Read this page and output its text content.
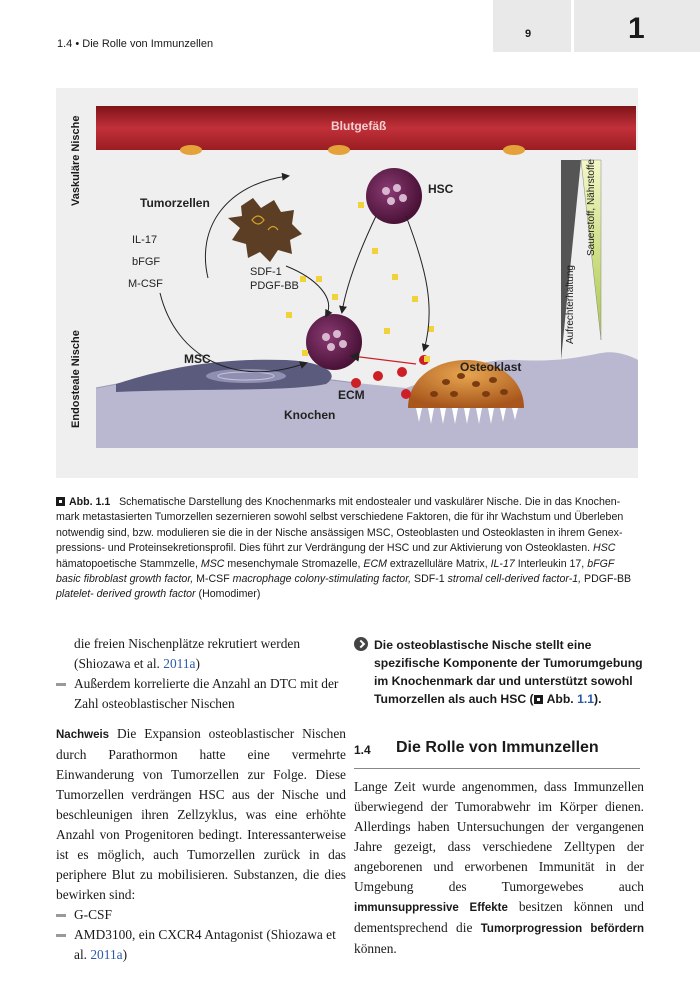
1.4 • Die Rolle von Immunzellen
9	1
Blutgefäß
Vaskuläre Nische
Endosteale Nische
Tumorzellen
HSC
IL-17
bFGF
M-CSF
SDF-1
PDGF-BB
MSC
Osteoklast
ECM
Knochen
Aufrechterhaltung
Sauerstoff, Nährstoffe
Abb. 1.1 Schematische Darstellung des Knochenmarks mit endostealer und vaskulärer Nische. Die in das Knochen- mark metastasierten Tumorzellen sezernieren sowohl selbst verschiedene Faktoren, die für ihr Wachstum und Überleben notwendig sind, bzw. modulieren sie die in der Nische ansässigen MSC, Osteoblasten und Osteoklasten in ihrem Genex- pressions- und Proteinsekretionsprofil. Dies führt zur Verdrängung der HSC und zur Aktivierung von Osteoklasten. HSC hämatopoetische Stammzelle, MSC mesenchymale Stromazelle, ECM extrazelluläre Matrix, IL-17 Interleukin 17, bFGF basic fibroblast growth factor, M-CSF macrophage colony-stimulating factor, SDF-1 stromal cell-derived factor-1, PDGF-BB platelet- derived growth factor (Homodimer)
die freien Nischenplätze rekrutiert werden
(Shiozawa et al. 2011a)
Außerdem korrelierte die Anzahl an DTC mit der Zahl osteoblastischer Nischen
Nachweis Die Expansion osteoblastischer Nischen durch Parathormon hatte eine vermehrte Einwanderung von Tumorzellen zur Folge. Diese Tumorzellen verdrängen HSC aus der Nische und beschleunigen ihren Zellzyklus, was eine erhöhte Anzahl von Progenitoren bedingt. Interessanterweise ist es möglich, auch Tumorzellen zurück in das periphere Blut zu mobilisieren. Substanzen, die dies bewirken sind:
G-CSF
AMD3100, ein CXCR4 Antagonist (Shiozawa et al. 2011a)
Die osteoblastische Nische stellt eine spezifische Komponente der Tumorumgebung im Knochenmark dar und unterstützt sowohl Tumorzellen als auch HSC ( Abb. 1.1).
1.4 Die Rolle von Immunzellen
Lange Zeit wurde angenommen, dass Immunzellen überwiegend der Tumorabwehr im Körper dienen. Allerdings haben Untersuchungen der vergangenen Jahre gezeigt, dass verschiedene Zelltypen der angeborenen und erworbenen Immunität in der Umgebung des Tumorgewebes auch immunsuppressive Effekte besitzen können und dementsprechend die Tumorprogression befördern können.
